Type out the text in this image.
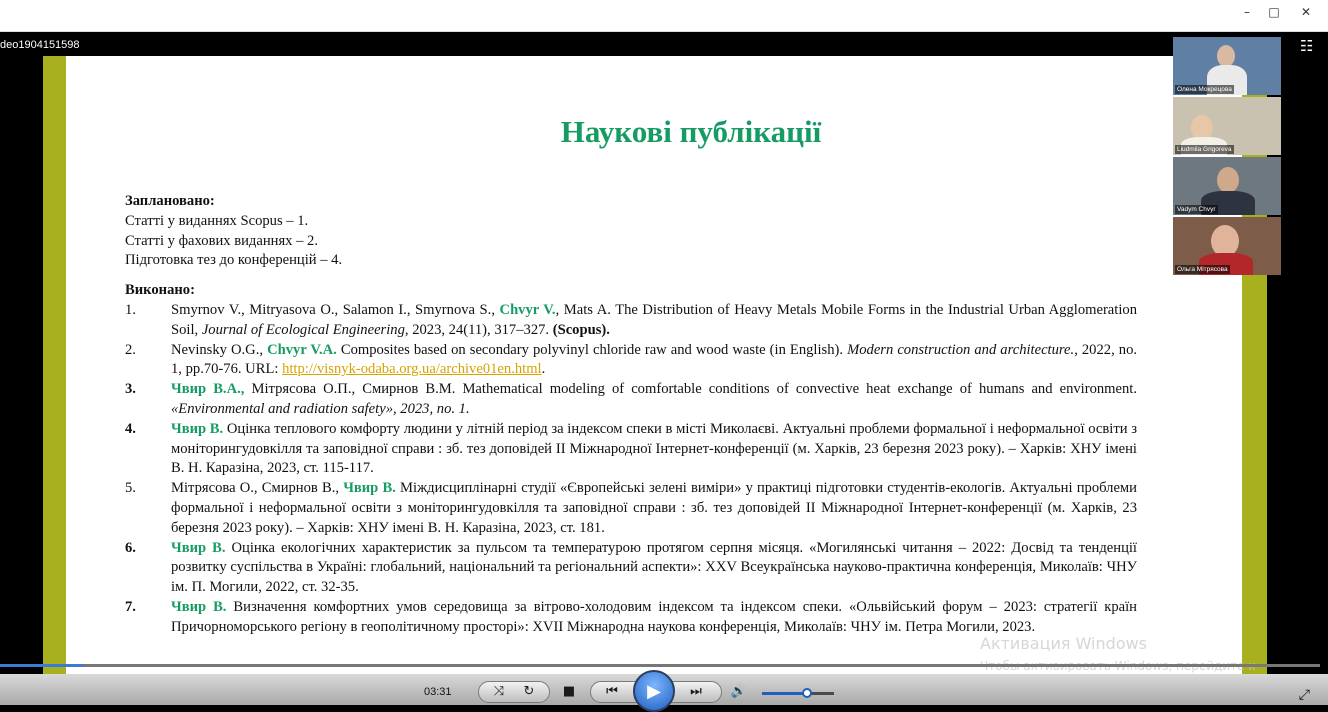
– □ ✕
deo1904151598	☷
Наукові публікації
Заплановано:
Статті у виданнях Scopus – 1.
Статті у фахових виданнях – 2.
Підготовка тез до конференцій – 4.
Виконано:
1.	Smyrnov V., Mitryasova O., Salamon I., Smyrnova S., Chvyr V., Mats A. The Distribution of Heavy Metals Mobile Forms in the Industrial Urban Agglomeration Soil, Journal of Ecological Engineering, 2023, 24(11), 317–327. (Scopus).
2.	Nevinsky O.G., Chvyr V.A. Composites based on secondary polyvinyl chloride raw and wood waste (in English). Modern construction and architecture., 2022, no. 1, pp.70-76. URL: http://visnyk-odaba.org.ua/archive01en.html.
3.	Чвир В.А., Мітрясова О.П., Смирнов В.М. Mathematical modeling of comfortable conditions of convective heat exchange of humans and environment. «Environmental and radiation safety», 2023, no. 1.
4.	Чвир В. Оцінка теплового комфорту людини у літній період за індексом спеки в місті Миколаєві. Актуальні проблеми формальної і неформальної освіти з моніторингудовкілля та заповідної справи : зб. тез доповідей ІІ Міжнародної Інтернет-конференції (м. Харків, 23 березня 2023 року). – Харків: ХНУ імені В. Н. Каразіна, 2023, ст. 115-117.
5.	Мітрясова О., Смирнов В., Чвир В. Міждисциплінарні студії «Європейські зелені виміри» у практиці підготовки студентів-екологів. Актуальні проблеми формальної і неформальної освіти з моніторингудовкілля та заповідної справи : зб. тез доповідей ІІ Міжнародної Інтернет-конференції (м. Харків, 23 березня 2023 року). – Харків: ХНУ імені В. Н. Каразіна, 2023, ст. 181.
6.	Чвир В. Оцінка екологічних характеристик за пульсом та температурою протягом серпня місяця. «Могилянські читання – 2022: Досвід та тенденції розвитку суспільства в Україні: глобальний, національний та регіональний аспекти»: XXV Всеукраїнська науково-практична конференція, Миколаїв: ЧНУ ім. П. Могили, 2022, ст. 32-35.
7.	Чвир В. Визначення комфортних умов середовища за вітрово-холодовим індексом та індексом спеки. «Ольвійський форум – 2023: стратегії країн Причорноморського регіону в геополітичному просторі»: XVII Міжнародна наукова конференція, Миколаїв: ЧНУ ім. Петра Могили, 2023.
Олена Мокрецова
Liudmila Grigoreva
Vadym Chvyr
Ольга Мітрясова
Активация Windows
03:31	⤨ ↻ ■ ⏮ ▶ ⏭ 🔊	⤢
